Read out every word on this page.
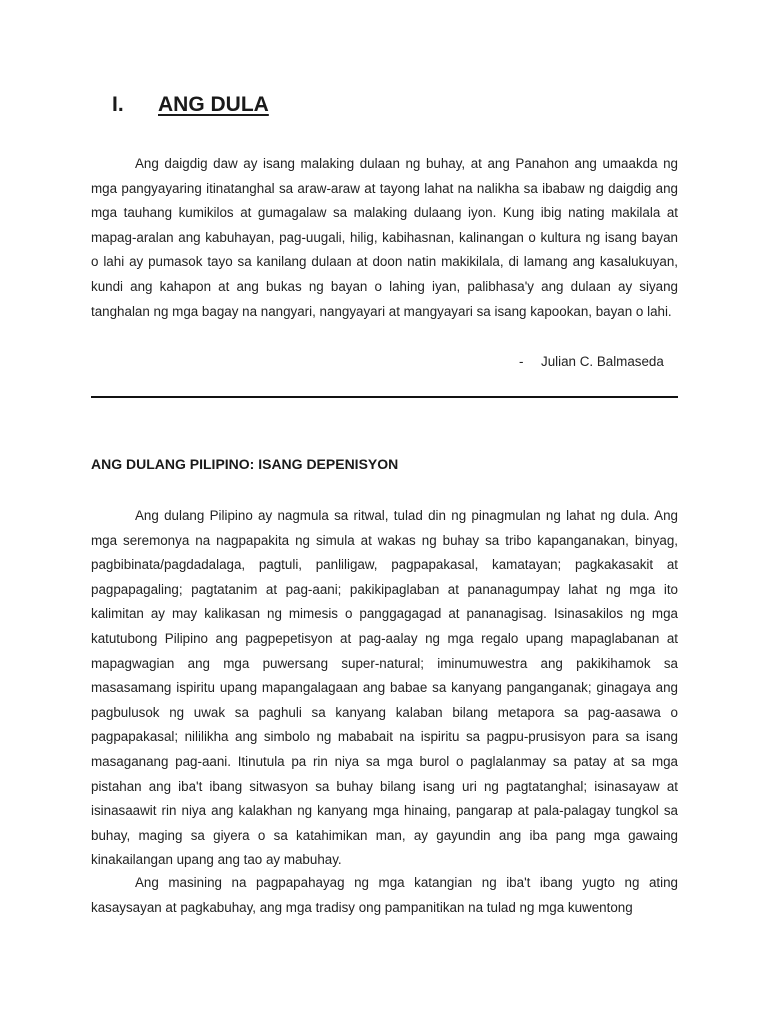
I. ANG DULA

Ang daigdig daw ay isang malaking dulaan ng buhay, at ang Panahon ang umaakda ng mga pangyayaring itinatanghal sa araw-araw at tayong lahat na nalikha sa ibabaw ng daigdig ang mga tauhang kumikilos at gumagalaw sa malaking dulaang iyon. Kung ibig nating makilala at mapag-aralan ang kabuhayan, pag-uugali, hilig, kabihasnan, kalinangan o kultura ng isang bayan o lahi ay pumasok tayo sa kanilang dulaan at doon natin makikilala, di lamang ang kasalukuyan, kundi ang kahapon at ang bukas ng bayan o lahing iyan, palibhasa'y ang dulaan ay siyang tanghalan ng mga bagay na nangyari, nangyayari at mangyayari sa isang kapookan, bayan o lahi.

- Julian C. Balmaseda
ANG DULANG PILIPINO: ISANG DEPENISYON

Ang dulang Pilipino ay nagmula sa ritwal, tulad din ng pinagmulan ng lahat ng dula. Ang mga seremonya na nagpapakita ng simula at wakas ng buhay sa tribo kapanganakan, binyag, pagbibinata/pagdadalaga, pagtuli, panliligaw, pagpapakasal, kamatayan; pagkakasakit at pagpapagaling; pagtatanim at pag-aani; pakikipaglaban at pananagumpay lahat ng mga ito kalimitan ay may kalikasan ng mimesis o panggagagad at pananagisag. Isinasakilos ng mga katutubong Pilipino ang pagpepetisyon at pag-aalay ng mga regalo upang mapaglabanan at mapagwagian ang mga puwersang super-natural; iminumuwestra ang pakikihamok sa masasamang ispiritu upang mapangalagaan ang babae sa kanyang panganganak; ginagaya ang pagbulusok ng uwak sa paghuli sa kanyang kalaban bilang metapora sa pag-aasawa o pagpapakasal; nililikha ang simbolo ng mababait na ispiritu sa pagpu-prusisyon para sa isang masaganang pag-aani. Itinutula pa rin niya sa mga burol o paglalanmay sa patay at sa mga pistahan ang iba't ibang sitwasyon sa buhay bilang isang uri ng pagtatanghal; isinasayaw at isinasaawit rin niya ang kalakhan ng kanyang mga hinaing, pangarap at pala-palagay tungkol sa buhay, maging sa giyera o sa katahimikan man, ay gayundin ang iba pang mga gawaing kinakailangan upang ang tao ay mabuhay.

Ang masining na pagpapahayag ng mga katangian ng iba't ibang yugto ng ating kasaysayan at pagkabuhay, ang mga tradisy ong pampanitikan na tulad ng mga kuwentong
